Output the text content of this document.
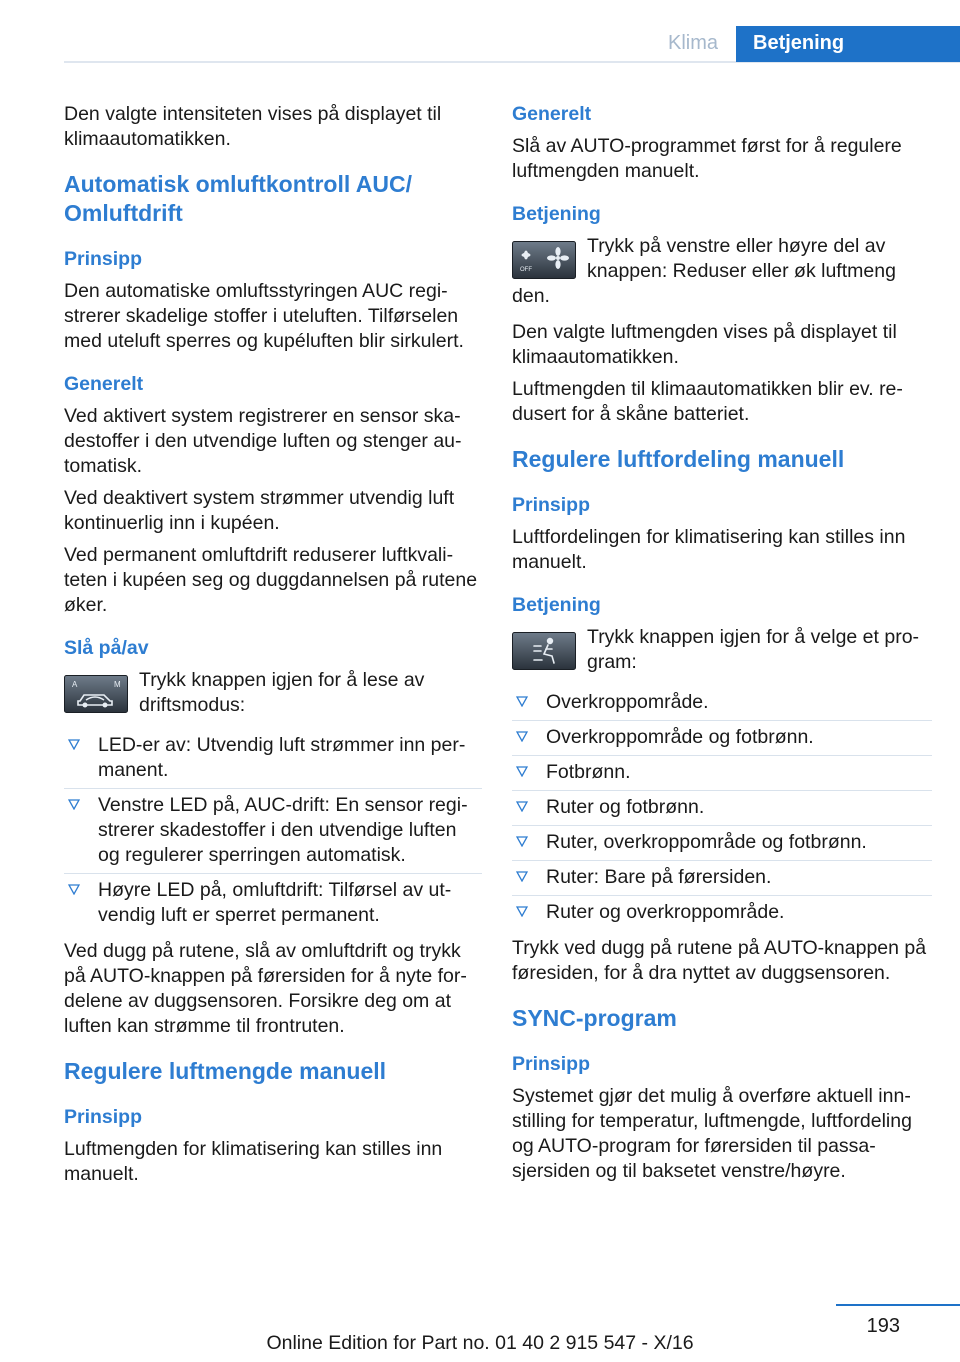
Klima	Betjening

Den valgte intensiteten vises på displayet til klimaautomatikken.

Automatisk omluftkontroll AUC/ Omluftdrift
Prinsipp

Den automatiske omluftsstyringen AUC registrerer skadelige stoffer i uteluften. Tilførselen med uteluft sperres og kupéluften blir sirkulert.

Generelt

Ved aktivert system registrerer en sensor skadestoffer i den utvendige luften og stenger automatisk.

Ved deaktivert system strømmer utvendig luft kontinuerlig inn i kupéen.

Ved permanent omluftdrift reduserer luftkvaliteten i kupéen seg og duggdannelsen på rutene øker.

Slå på/av
A	M Trykk knappen igjen for å lese av driftsmodus:
LED-er av: Utvendig luft strømmer inn permanent.
Venstre LED på, AUC-drift: En sensor registrerer skadestoffer i den utvendige luften og regulerer sperringen automatisk.
Høyre LED på, omluftdrift: Tilførsel av utvendig luft er sperret permanent.

Ved dugg på rutene, slå av omluftdrift og trykk på AUTO-knappen på førersiden for å nyte fordelene av duggsensoren. Forsikre deg om at luften kan strømme til frontruten.

Regulere luftmengde manuell
Prinsipp

Luftmengden for klimatisering kan stilles inn manuelt.

Generelt

Slå av AUTO-programmet først for å regulere luftmengden manuelt.

Betjening
OFF
Trykk på venstre eller høyre del av knappen: Reduser eller øk luftmeng

den.

Den valgte luftmengden vises på displayet til klimaautomatikken.

Luftmengden til klimaautomatikken blir ev. redusert for å skåne batteriet.

Regulere luftfordeling manuell
Prinsipp

Luftfordelingen for klimatisering kan stilles inn manuelt.

Betjening
Trykk knappen igjen for å velge et program:
Overkroppområde.
Overkroppområde og fotbrønn.
Fotbrønn.
Ruter og fotbrønn.
Ruter, overkroppområde og fotbrønn.
Ruter: Bare på førersiden.
Ruter og overkroppområde.

Trykk ved dugg på rutene på AUTO-knappen på føresiden, for å dra nyttet av duggsensoren.

SYNC-program
Prinsipp

Systemet gjør det mulig å overføre aktuell innstilling for temperatur, luftmengde, luftfordeling og AUTO-program for førersiden til passasjersiden og til baksetet venstre/høyre.

193
Online Edition for Part no. 01 40 2 915 547 - X/16
